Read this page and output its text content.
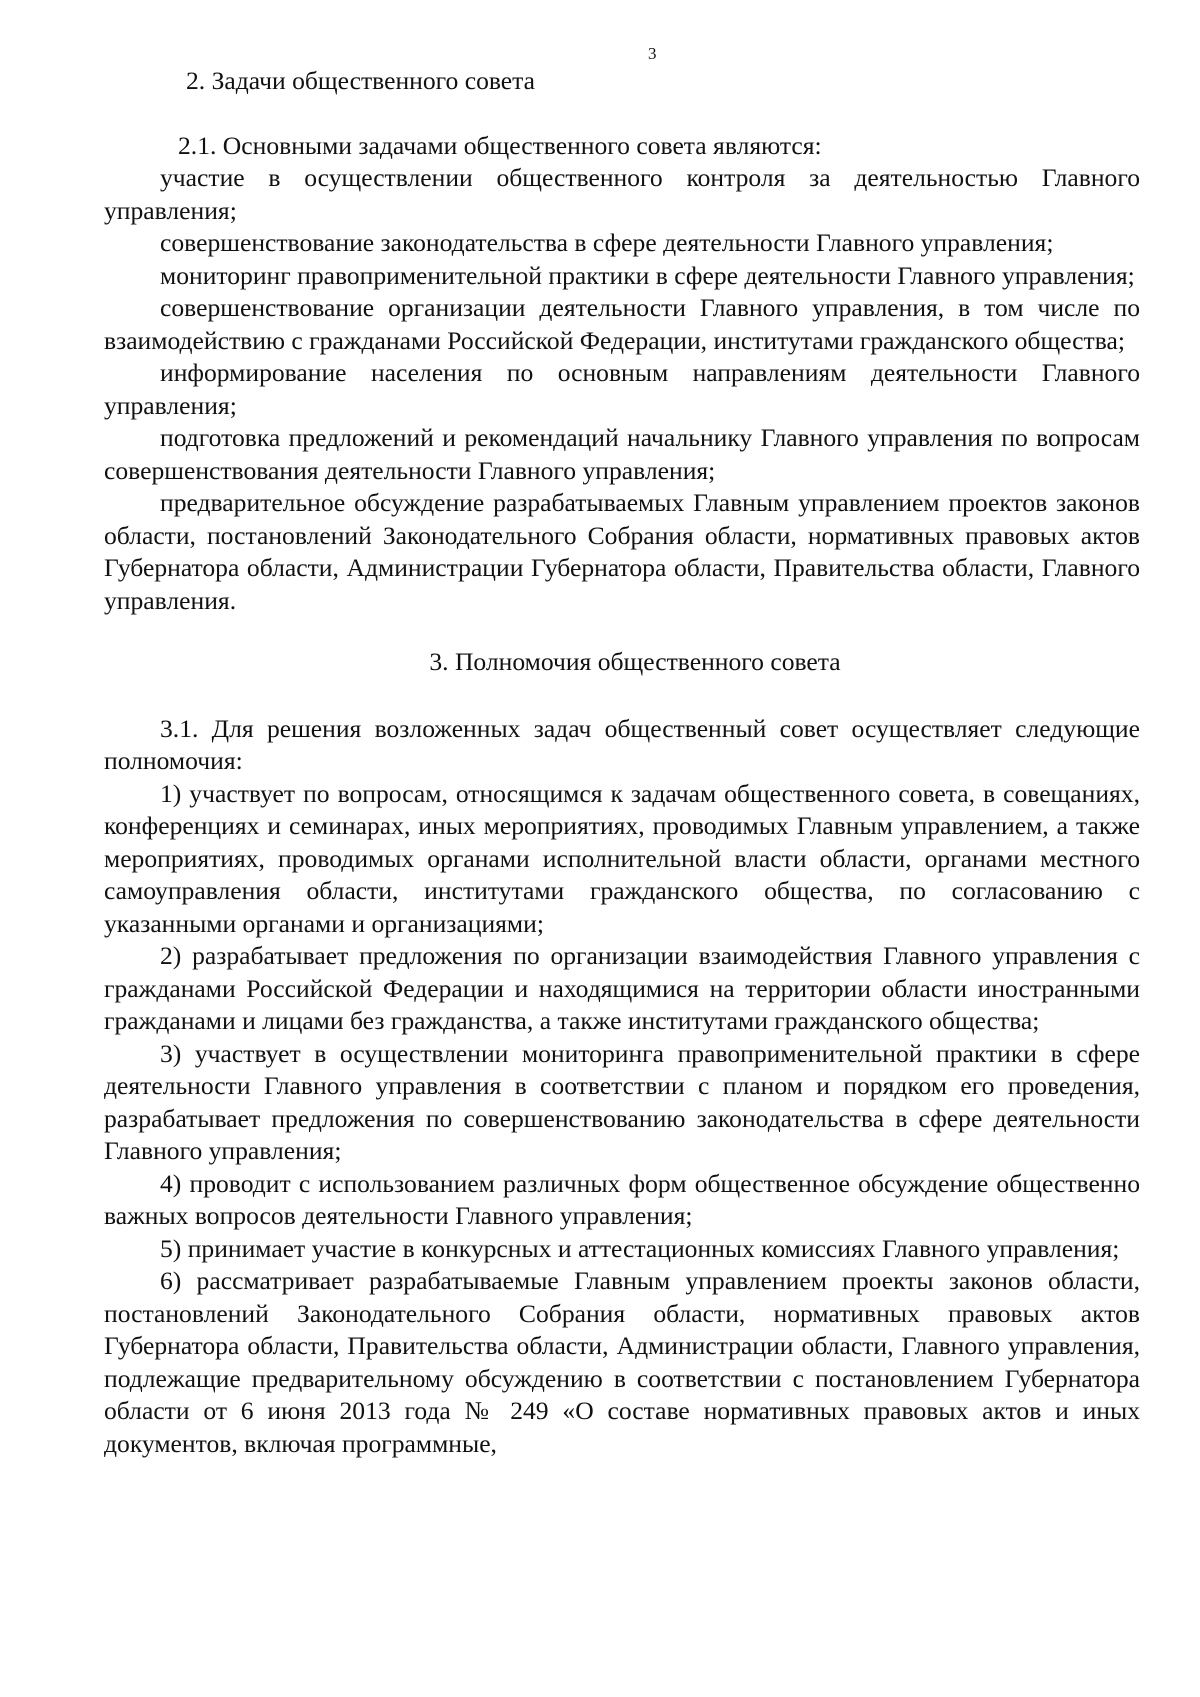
3
2. Задачи общественного совета

2.1. Основными задачами общественного совета являются:

участие в осуществлении общественного контроля за деятельностью Главного управления;

совершенствование законодательства в сфере деятельности Главного управления;

мониторинг правоприменительной практики в сфере деятельности Главного управления;

совершенствование организации деятельности Главного управления, в том числе по взаимодействию с гражданами Российской Федерации, институтами гражданского общества;

информирование населения по основным направлениям деятельности Главного управления;

подготовка предложений и рекомендаций начальнику Главного управления по вопросам совершенствования деятельности Главного управления;

предварительное обсуждение разрабатываемых Главным управлением проектов законов области, постановлений Законодательного Собрания области, нормативных правовых актов Губернатора области, Администрации Губернатора области, Правительства области, Главного управления.

3. Полномочия общественного совета

3.1. Для решения возложенных задач общественный совет осуществляет следующие полномочия:

1) участвует по вопросам, относящимся к задачам общественного совета, в совещаниях, конференциях и семинарах, иных мероприятиях, проводимых Главным управлением, а также мероприятиях, проводимых органами исполнительной власти области, органами местного самоуправления области, институтами гражданского общества, по согласованию с указанными органами и организациями;

2) разрабатывает предложения по организации взаимодействия Главного управления с гражданами Российской Федерации и находящимися на территории области иностранными гражданами и лицами без гражданства, а также институтами гражданского общества;

3) участвует в осуществлении мониторинга правоприменительной практики в сфере деятельности Главного управления в соответствии с планом и порядком его проведения, разрабатывает предложения по совершенствованию законодательства в сфере деятельности Главного управления;

4) проводит с использованием различных форм общественное обсуждение общественно важных вопросов деятельности Главного управления;

5) принимает участие в конкурсных и аттестационных комиссиях Главного управления;

6) рассматривает разрабатываемые Главным управлением проекты законов области, постановлений Законодательного Собрания области, нормативных правовых актов Губернатора области, Правительства области, Администрации области, Главного управления, подлежащие предварительному обсуждению в соответствии с постановлением Губернатора области от 6 июня 2013 года № 249 «О составе нормативных правовых актов и иных документов, включая программные,
